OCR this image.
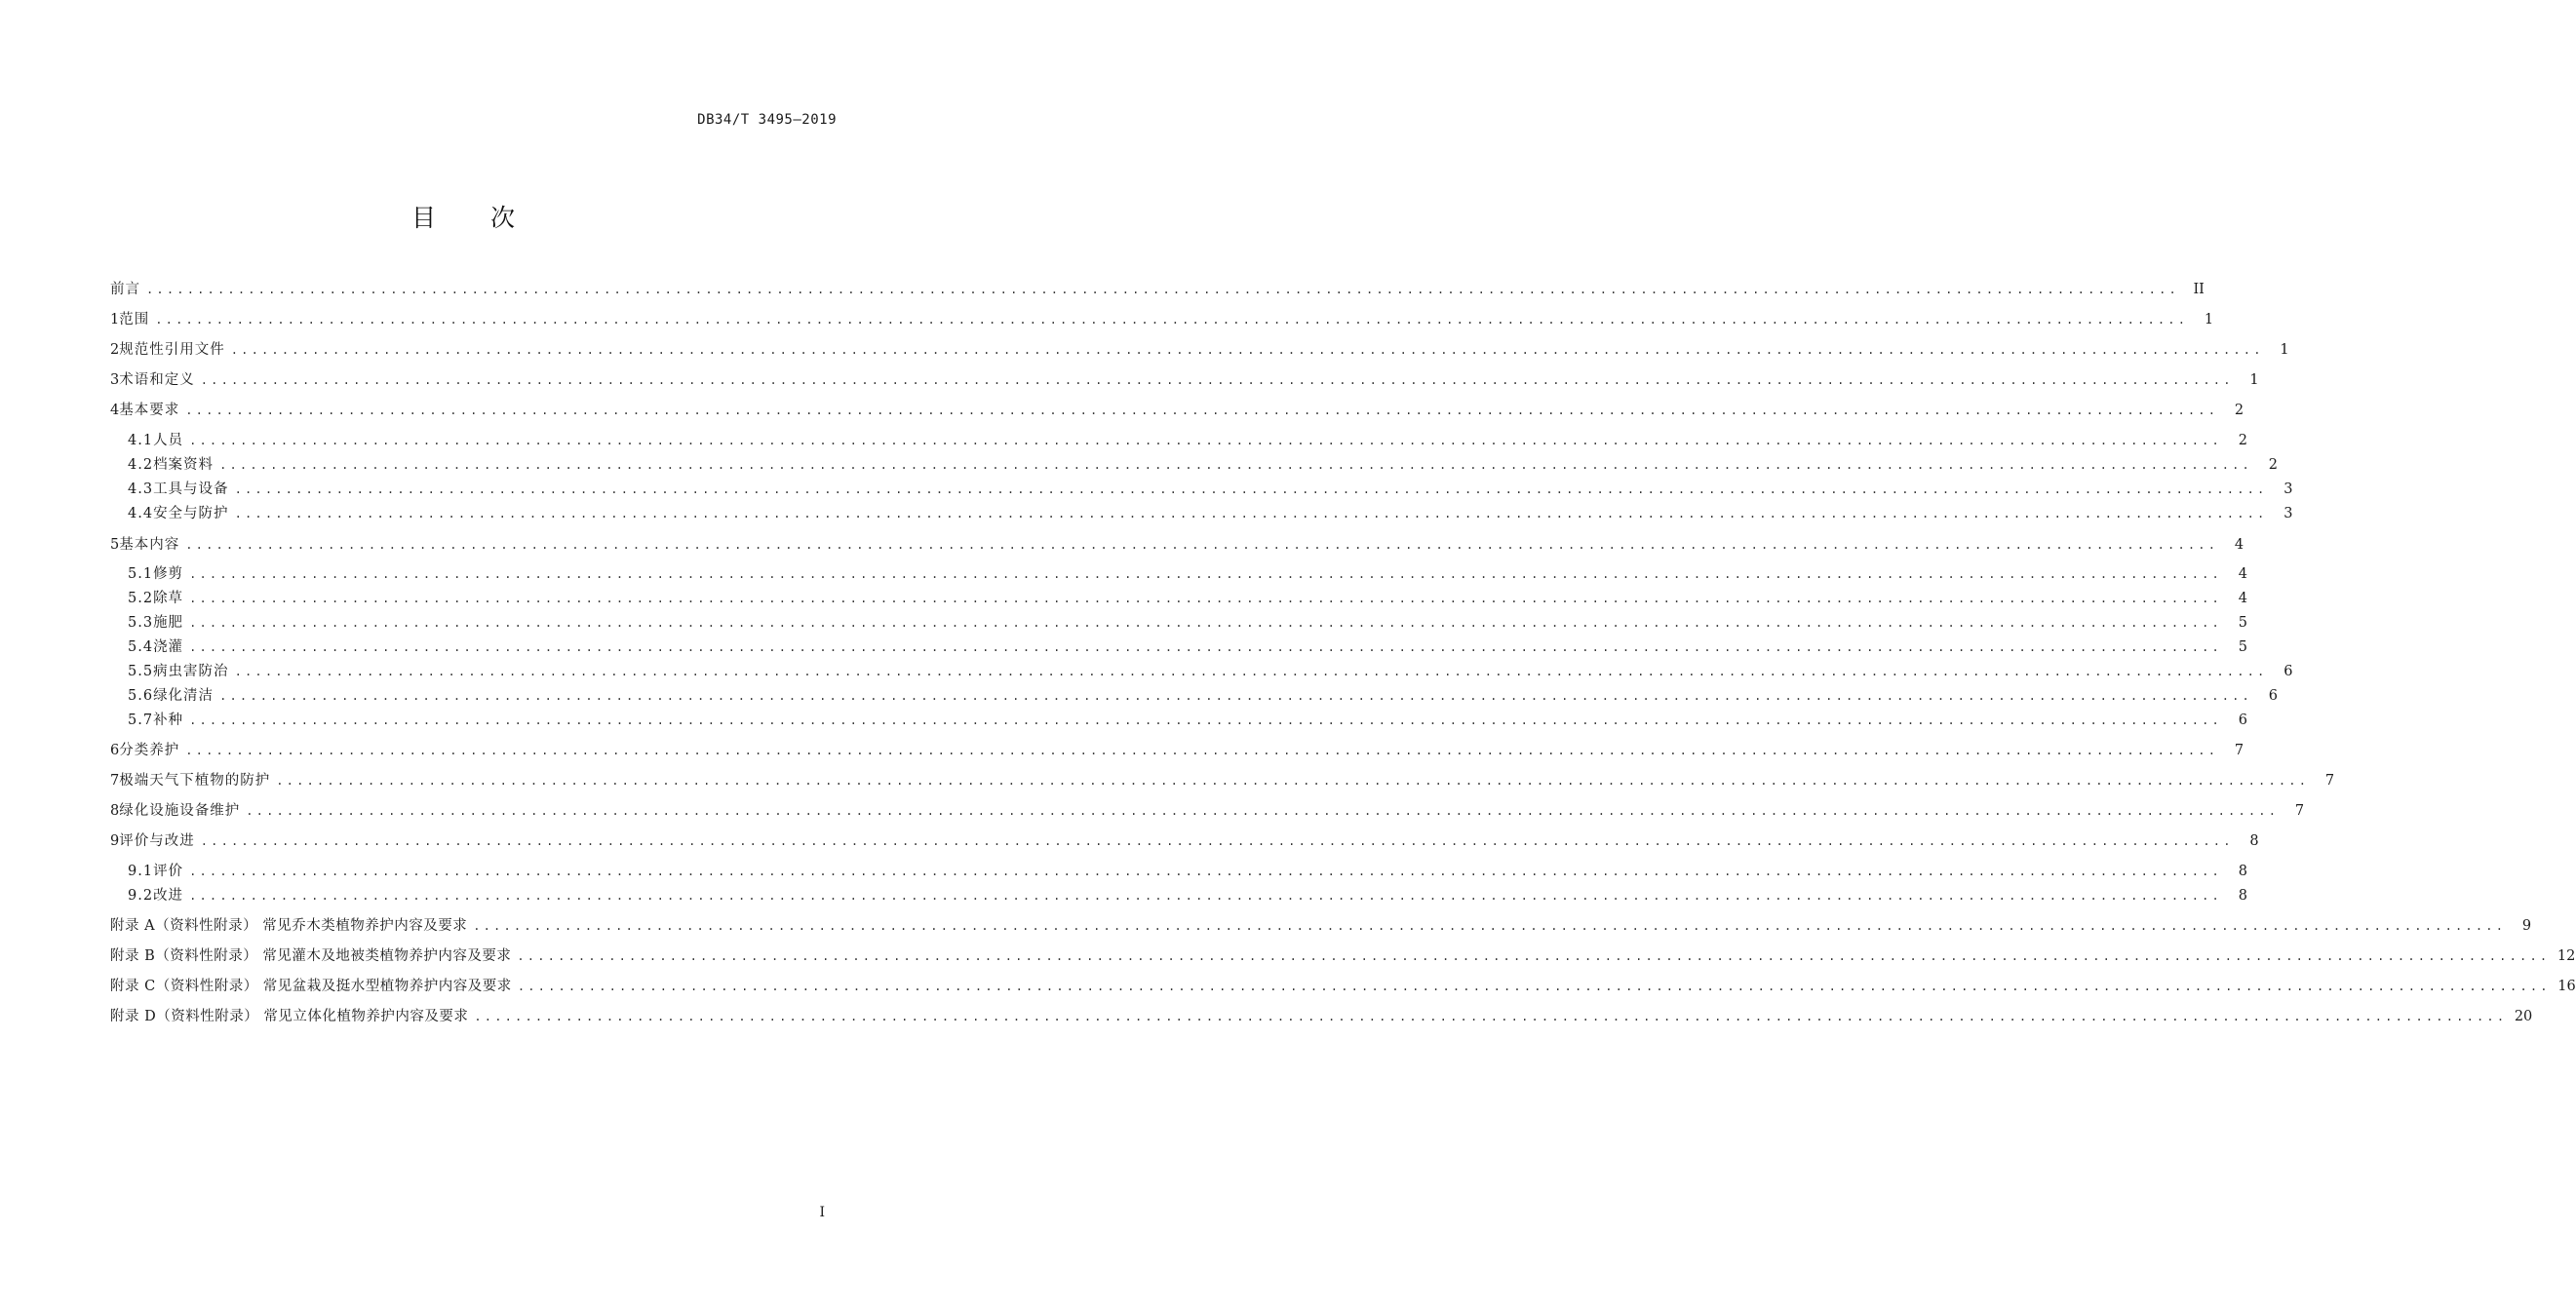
DB34/T 3495—2019
目 次
前言 ........................................................................................................................................................................................................	II
1 范围 ........................................................................................................................................................................................................	1
2 规范性引用文件 ........................................................................................................................................................................................................	1
3 术语和定义 ........................................................................................................................................................................................................	1
4 基本要求 ........................................................................................................................................................................................................	2
4.1 人员 ........................................................................................................................................................................................................	2
4.2 档案资料 ........................................................................................................................................................................................................	2
4.3 工具与设备 ........................................................................................................................................................................................................	3
4.4 安全与防护 ........................................................................................................................................................................................................	3
5 基本内容 ........................................................................................................................................................................................................	4
5.1 修剪 ........................................................................................................................................................................................................	4
5.2 除草 ........................................................................................................................................................................................................	4
5.3 施肥 ........................................................................................................................................................................................................	5
5.4 浇灌 ........................................................................................................................................................................................................	5
5.5 病虫害防治 ........................................................................................................................................................................................................	6
5.6 绿化清洁 ........................................................................................................................................................................................................	6
5.7 补种 ........................................................................................................................................................................................................	6
6 分类养护 ........................................................................................................................................................................................................	7
7 极端天气下植物的防护 ........................................................................................................................................................................................................	7
8 绿化设施设备维护 ........................................................................................................................................................................................................	7
9 评价与改进 ........................................................................................................................................................................................................	8
9.1 评价 ........................................................................................................................................................................................................	8
9.2 改进 ........................................................................................................................................................................................................	8
附录 A（资料性附录） 常见乔木类植物养护内容及要求 ........................................................................................................................................................................................................	9
附录 B（资料性附录） 常见灌木及地被类植物养护内容及要求 ........................................................................................................................................................................................................ 12
附录 C（资料性附录） 常见盆栽及挺水型植物养护内容及要求 ........................................................................................................................................................................................................ 16
附录 D（资料性附录） 常见立体化植物养护内容及要求 ........................................................................................................................................................................................................ 20
I
